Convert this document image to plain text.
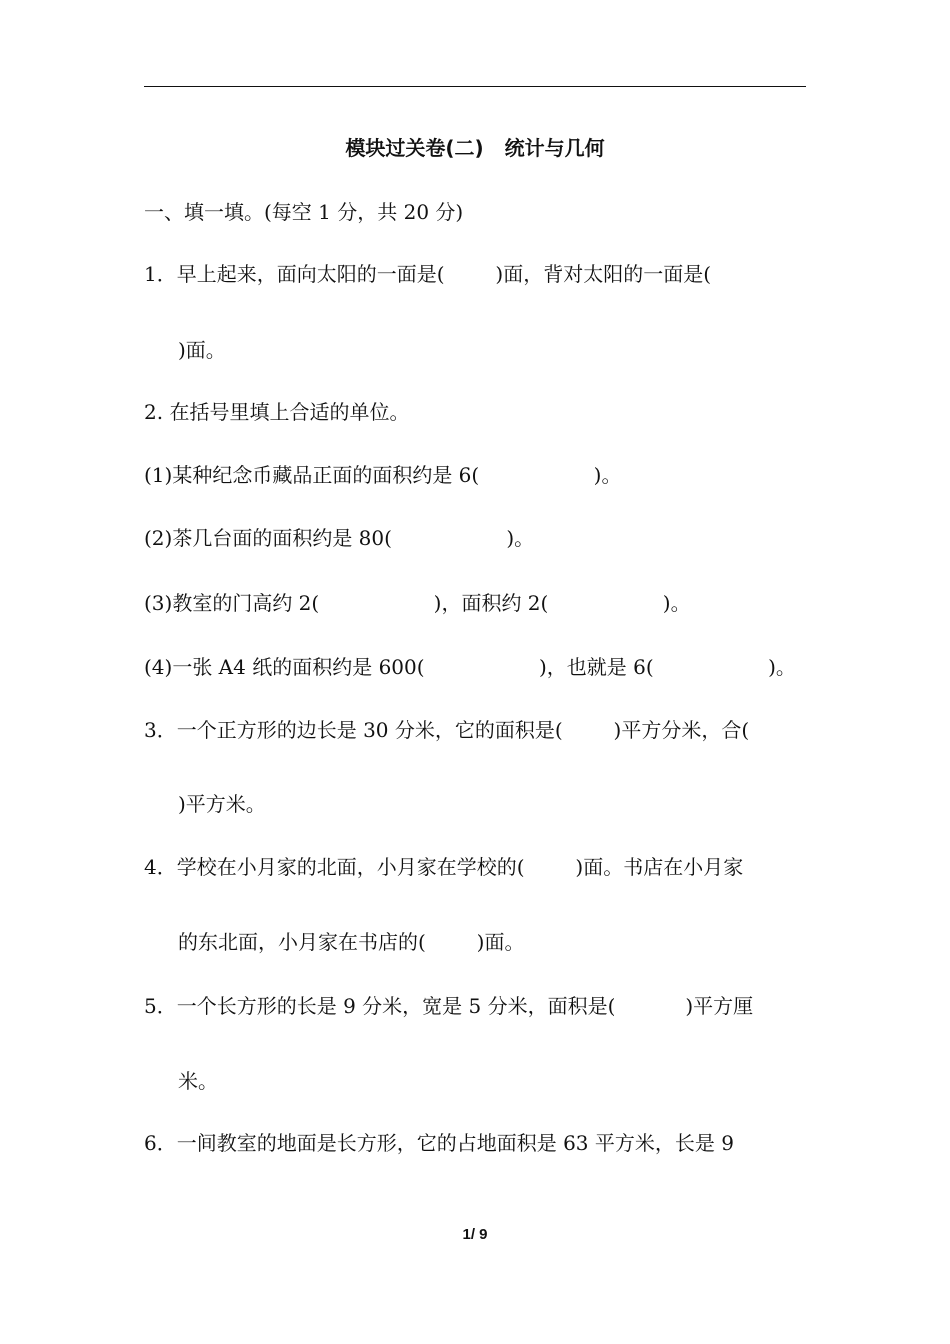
模块过关卷(二)   统计与几何
一、填一填。(每空 1 分，共 20 分)
1．早上起来，面向太阳的一面是(        )面，背对太阳的一面是(
)面。
2. 在括号里填上合适的单位。
(1)某种纪念币藏品正面的面积约是 6(                  )。
(2)茶几台面的面积约是 80(                  )。
(3)教室的门高约 2(                  )，面积约 2(                  )。
(4)一张 A4 纸的面积约是 600(                  )，也就是 6(                  )。
3．一个正方形的边长是 30 分米，它的面积是(        )平方分米，合(
)平方米。
4．学校在小月家的北面，小月家在学校的(        )面。书店在小月家
的东北面，小月家在书店的(        )面。
5．一个长方形的长是 9 分米，宽是 5 分米，面积是(           )平方厘
米。
6．一间教室的地面是长方形，它的占地面积是 63 平方米，长是 9
1/ 9
